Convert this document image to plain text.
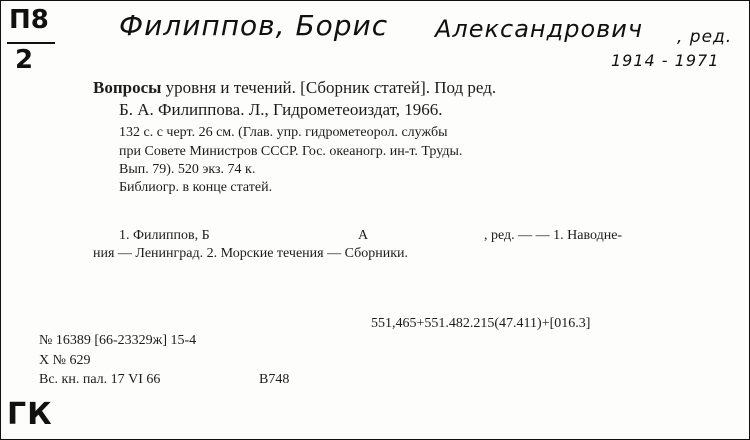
П8
2
Филиппов, Борис Александрович , ред.
1914 - 1971
Вопросы уровня и течений. [Сборник статей]. Под ред.
Б. А. Филиппова. Л., Гидрометеоиздат, 1966.
132 с. с черт. 26 см. (Глав. упр. гидрометеорол. службы
при Совете Министров СССР. Гос. океаногр. ин-т. Труды.
Вып. 79). 520 экз. 74 к.
Библиогр. в конце статей.
1. Филиппов, Б	А	, ред. — — 1. Наводне-
ния — Ленинград. 2. Морские течения — Сборники.
551,465+551.482.215(47.411)+[016.3]
№ 16389 [66-23329ж] 15-4
Х № 629
Вс. кн. пал. 17 VI 66	В748
ГК
